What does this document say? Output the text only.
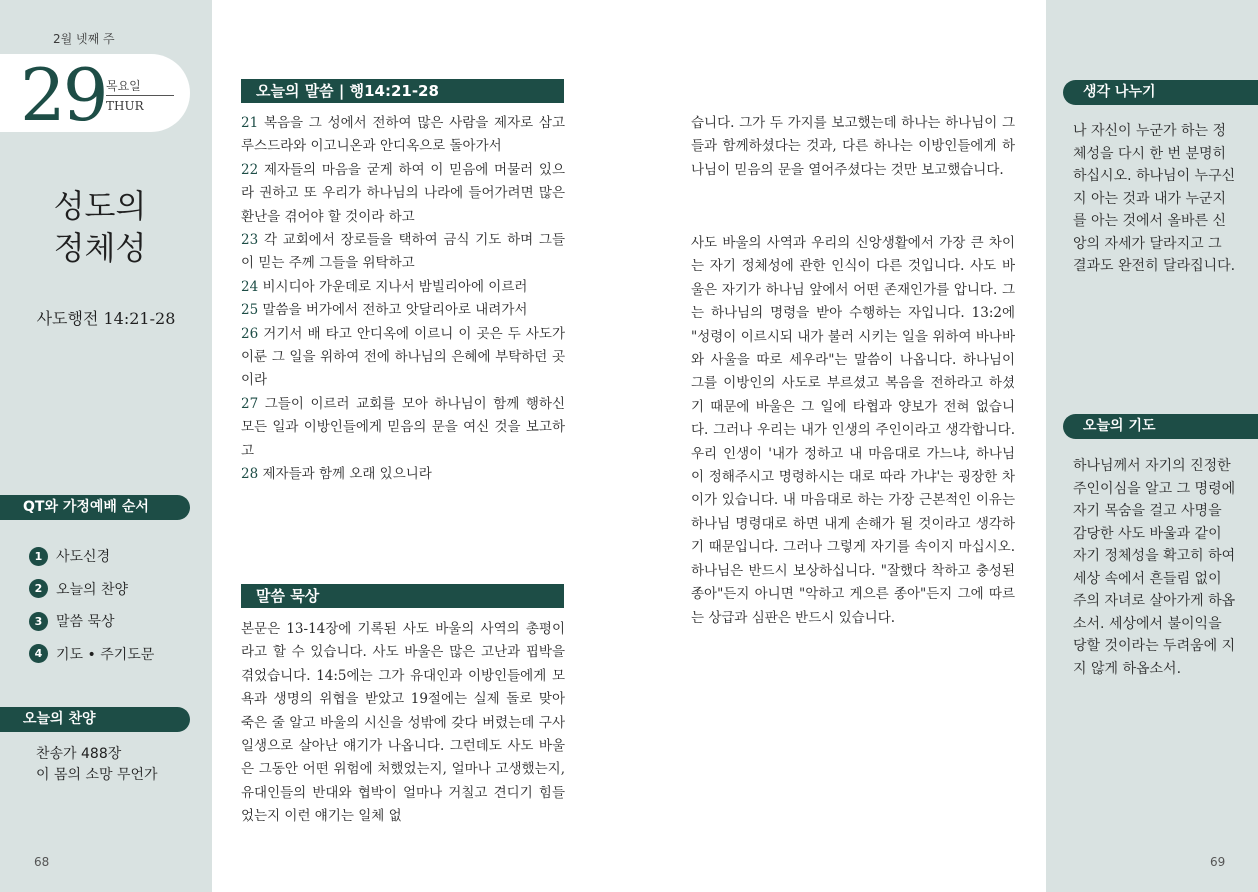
2월 넷째 주
29 목요일
THUR
성도의
정체성
사도행전 14:21-28
QT와 가정예배 순서
1 사도신경
2 오늘의 찬양
3 말씀 묵상
4 기도 • 주기도문
오늘의 찬양
찬송가 488장
이 몸의 소망 무언가
68
오늘의 말씀 | 행14:21-28

21 복음을 그 성에서 전하여 많은 사람을 제자로 삼고 루스드라와 이고니온과 안디옥으로 돌아가서

22 제자들의 마음을 굳게 하여 이 믿음에 머물러 있으라 권하고 또 우리가 하나님의 나라에 들어가려면 많은 환난을 겪어야 할 것이라 하고

23 각 교회에서 장로들을 택하여 금식 기도 하며 그들이 믿는 주께 그들을 위탁하고

24 비시디아 가운데로 지나서 밤빌리아에 이르러

25 말씀을 버가에서 전하고 앗달리아로 내려가서

26 거기서 배 타고 안디옥에 이르니 이 곳은 두 사도가 이룬 그 일을 위하여 전에 하나님의 은혜에 부탁하던 곳이라

27 그들이 이르러 교회를 모아 하나님이 함께 행하신 모든 일과 이방인들에게 믿음의 문을 여신 것을 보고하고

28 제자들과 함께 오래 있으니라

말씀 묵상
본문은 13-14장에 기록된 사도 바울의 사역의 총평이라고 할 수 있습니다. 사도 바울은 많은 고난과 핍박을 겪었습니다. 14:5에는 그가 유대인과 이방인들에게 모욕과 생명의 위협을 받았고 19절에는 실제 돌로 맞아 죽은 줄 알고 바울의 시신을 성밖에 갖다 버렸는데 구사일생으로 살아난 얘기가 나옵니다. 그런데도 사도 바울은 그동안 어떤 위험에 처했었는지, 얼마나 고생했는지, 유대인들의 반대와 협박이 얼마나 거칠고 견디기 힘들었는지 이런 얘기는 일체 없
습니다. 그가 두 가지를 보고했는데 하나는 하나님이 그들과 함께하셨다는 것과, 다른 하나는 이방인들에게 하나님이 믿음의 문을 열어주셨다는 것만 보고했습니다.
사도 바울의 사역과 우리의 신앙생활에서 가장 큰 차이는 자기 정체성에 관한 인식이 다른 것입니다. 사도 바울은 자기가 하나님 앞에서 어떤 존재인가를 압니다. 그는 하나님의 명령을 받아 수행하는 자입니다. 13:2에 "성령이 이르시되 내가 불러 시키는 일을 위하여 바나바와 사울을 따로 세우라"는 말씀이 나옵니다. 하나님이 그를 이방인의 사도로 부르셨고 복음을 전하라고 하셨기 때문에 바울은 그 일에 타협과 양보가 전혀 없습니다. 그러나 우리는 내가 인생의 주인이라고 생각합니다. 우리 인생이 '내가 정하고 내 마음대로 가느냐, 하나님이 정해주시고 명령하시는 대로 따라 가냐'는 굉장한 차이가 있습니다. 내 마음대로 하는 가장 근본적인 이유는 하나님 명령대로 하면 내게 손해가 될 것이라고 생각하기 때문입니다. 그러나 그렇게 자기를 속이지 마십시오. 하나님은 반드시 보상하십니다. "잘했다 착하고 충성된 종아"든지 아니면 "악하고 게으른 종아"든지 그에 따르는 상급과 심판은 반드시 있습니다.
69
생각 나누기
나 자신이 누군가 하는 정체성을 다시 한 번 분명히 하십시오. 하나님이 누구신지 아는 것과 내가 누군지를 아는 것에서 올바른 신앙의 자세가 달라지고 그 결과도 완전히 달라집니다.
오늘의 기도
하나님께서 자기의 진정한 주인이심을 알고 그 명령에 자기 목숨을 걸고 사명을 감당한 사도 바울과 같이 자기 정체성을 확고히 하여 세상 속에서 흔들림 없이 주의 자녀로 살아가게 하옵소서. 세상에서 불이익을 당할 것이라는 두려움에 지지 않게 하옵소서.
